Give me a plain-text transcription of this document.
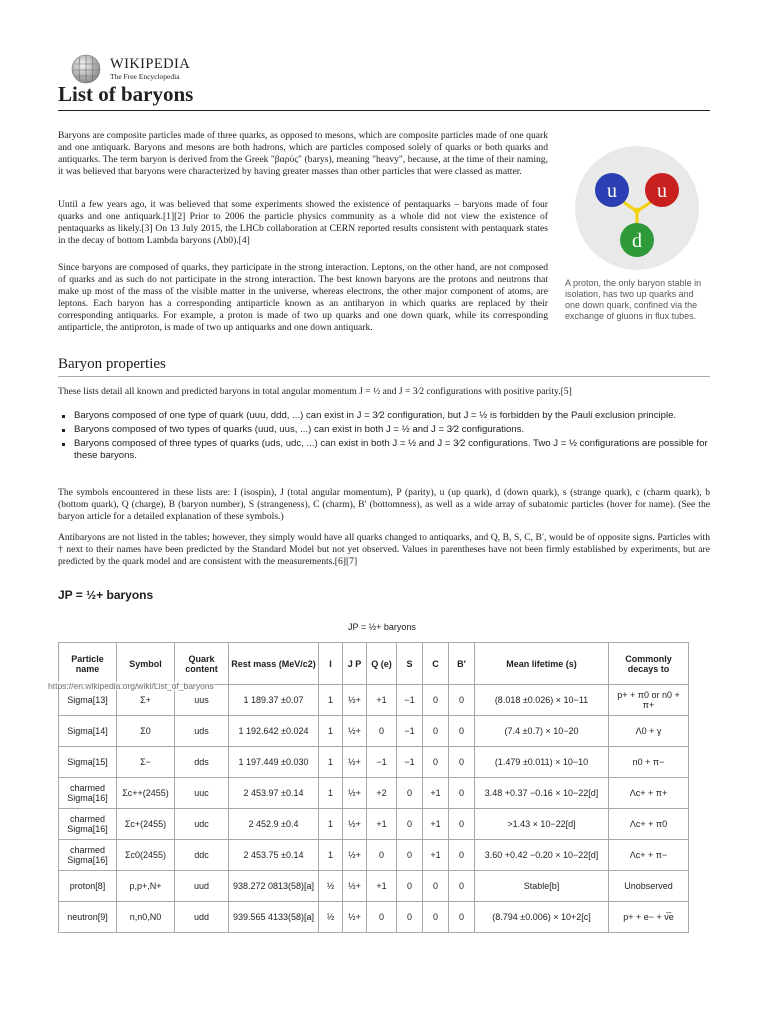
WIKIPEDIA
The Free Encyclopedia
List of baryons

Baryons are composite particles made of three quarks, as opposed to mesons, which are composite particles made of one quark and one antiquark. Baryons and mesons are both hadrons, which are particles composed solely of quarks or both quarks and antiquarks. The term baryon is derived from the Greek "βαρύς" (barys), meaning "heavy", because, at the time of their naming, it was believed that baryons were characterized by having greater masses than other particles that were classed as matter.

Until a few years ago, it was believed that some experiments showed the existence of pentaquarks – baryons made of four quarks and one antiquark.[1][2] Prior to 2006 the particle physics community as a whole did not view the existence of pentaquarks as likely.[3] On 13 July 2015, the LHCb collaboration at CERN reported results consistent with pentaquark states in the decay of bottom Lambda baryons (Λb0).[4]

Since baryons are composed of quarks, they participate in the strong interaction. Leptons, on the other hand, are not composed of quarks and as such do not participate in the strong interaction. The best known baryons are the protons and neutrons that make up most of the mass of the visible matter in the universe, whereas electrons, the other major component of atoms, are leptons. Each baryon has a corresponding antiparticle known as an antibaryon in which quarks are replaced by their corresponding antiquarks. For example, a proton is made of two up quarks and one down quark, while its corresponding antiparticle, the antiproton, is made of two up antiquarks and one down antiquark.

Baryon properties

These lists detail all known and predicted baryons in total angular momentum J = ½ and J = 3⁄2 configurations with positive parity.[5]

Baryons composed of one type of quark (uuu, ddd, ...) can exist in J = 3⁄2 configuration, but J = ½ is forbidden by the Pauli exclusion principle.
Baryons composed of two types of quarks (uud, uus, ...) can exist in both J = ½ and J = 3⁄2 configurations.
Baryons composed of three types of quarks (uds, udc, ...) can exist in both J = ½ and J = 3⁄2 configurations. Two J = ½ configurations are possible for these baryons.

The symbols encountered in these lists are: I (isospin), J (total angular momentum), P (parity), u (up quark), d (down quark), s (strange quark), c (charm quark), b (bottom quark), Q (charge), B (baryon number), S (strangeness), C (charm), B′ (bottomness), as well as a wide array of subatomic particles (hover for name). (See the baryon article for a detailed explanation of these symbols.)

Antibaryons are not listed in the tables; however, they simply would have all quarks changed to antiquarks, and Q, B, S, C, B′, would be of opposite signs. Particles with † next to their names have been predicted by the Standard Model but not yet observed. Values in parentheses have not been firmly established by experiments, but are predicted by the quark model and are consistent with the measurements.[6][7]

JP = ½+ baryons
JP = ½+ baryons
u u
d
A proton, the only baryon stable in isolation, has two up quarks and one down quark, confined via the exchange of gluons in flux tubes.
Particle name	Symbol	Quark content	Rest mass (MeV/c2)	I	J P	Q (e)	S	C	B′	Mean lifetime (s)	Commonly decays to
Sigma[13]	Σ+	uus	1 189.37 ±0.07	1	½+	+1	−1	0	0	(8.018 ±0.026) × 10−11	p+ + π0 or n0 + π+
Sigma[14]	Σ0	uds	1 192.642 ±0.024	1	½+	0	−1	0	0	(7.4 ±0.7) × 10−20	Λ0 + γ
Sigma[15]	Σ−	dds	1 197.449 ±0.030	1	½+	−1	−1	0	0	(1.479 ±0.011) × 10−10	n0 + π−
charmed Sigma[16]	Σc++(2455)	uuc	2 453.97 ±0.14	1	½+	+2	0	+1	0	3.48 +0.37 −0.16 × 10−22[d]	Λc+ + π+
charmed Sigma[16]	Σc+(2455)	udc	2 452.9 ±0.4	1	½+	+1	0	+1	0	>1.43 × 10−22[d]	Λc+ + π0
charmed Sigma[16]	Σc0(2455)	ddc	2 453.75 ±0.14	1	½+	0	0	+1	0	3.60 +0.42 −0.20 × 10−22[d]	Λc+ + π−
proton[8]	p,p+,N+	uud	938.272 0813(58)[a]	½	½+	+1	0	0	0	Stable[b]	Unobserved
neutron[9]	n,n0,N0	udd	939.565 4133(58)[a]	½	½+	0	0	0	0	(8.794 ±0.006) × 10+2[c]	p+ + e− + ν̅e
https://en.wikipedia.org/wiki/List_of_baryons
